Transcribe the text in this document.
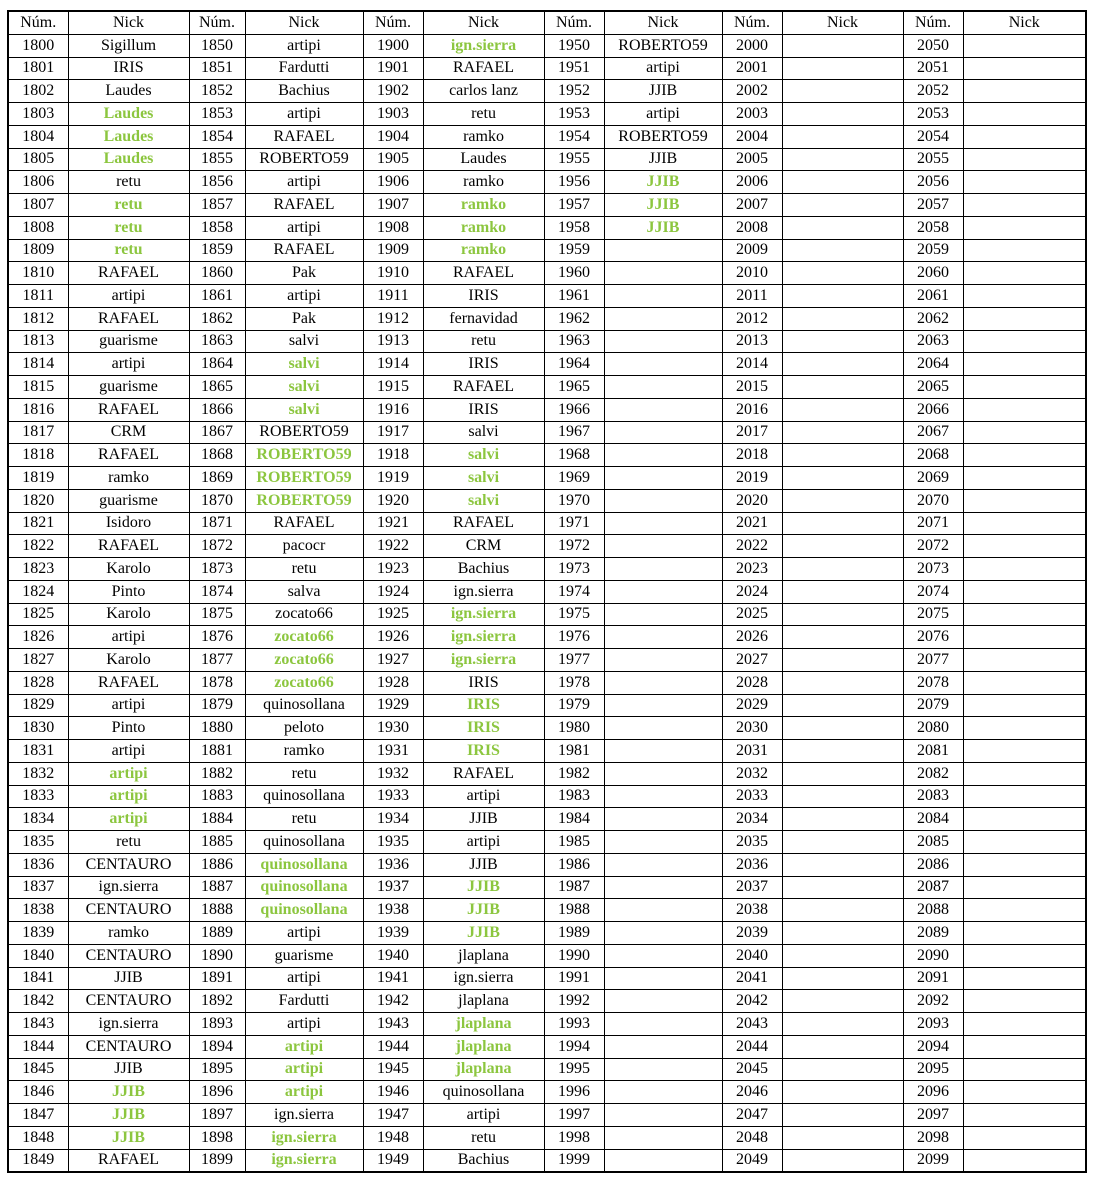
Núm.	Nick	Núm.	Nick	Núm.	Nick	Núm.	Nick	Núm.	Nick	Núm.	Nick
1800	Sigillum	1850	artipi	1900	ign.sierra	1950	ROBERTO59	2000		2050	
1801	IRIS	1851	Fardutti	1901	RAFAEL	1951	artipi	2001		2051	
1802	Laudes	1852	Bachius	1902	carlos lanz	1952	JJIB	2002		2052	
1803	Laudes	1853	artipi	1903	retu	1953	artipi	2003		2053	
1804	Laudes	1854	RAFAEL	1904	ramko	1954	ROBERTO59	2004		2054	
1805	Laudes	1855	ROBERTO59	1905	Laudes	1955	JJIB	2005		2055	
1806	retu	1856	artipi	1906	ramko	1956	JJIB	2006		2056	
1807	retu	1857	RAFAEL	1907	ramko	1957	JJIB	2007		2057	
1808	retu	1858	artipi	1908	ramko	1958	JJIB	2008		2058	
1809	retu	1859	RAFAEL	1909	ramko	1959		2009		2059	
1810	RAFAEL	1860	Pak	1910	RAFAEL	1960		2010		2060	
1811	artipi	1861	artipi	1911	IRIS	1961		2011		2061	
1812	RAFAEL	1862	Pak	1912	fernavidad	1962		2012		2062	
1813	guarisme	1863	salvi	1913	retu	1963		2013		2063	
1814	artipi	1864	salvi	1914	IRIS	1964		2014		2064	
1815	guarisme	1865	salvi	1915	RAFAEL	1965		2015		2065	
1816	RAFAEL	1866	salvi	1916	IRIS	1966		2016		2066	
1817	CRM	1867	ROBERTO59	1917	salvi	1967		2017		2067	
1818	RAFAEL	1868	ROBERTO59	1918	salvi	1968		2018		2068	
1819	ramko	1869	ROBERTO59	1919	salvi	1969		2019		2069	
1820	guarisme	1870	ROBERTO59	1920	salvi	1970		2020		2070	
1821	Isidoro	1871	RAFAEL	1921	RAFAEL	1971		2021		2071	
1822	RAFAEL	1872	pacocr	1922	CRM	1972		2022		2072	
1823	Karolo	1873	retu	1923	Bachius	1973		2023		2073	
1824	Pinto	1874	salva	1924	ign.sierra	1974		2024		2074	
1825	Karolo	1875	zocato66	1925	ign.sierra	1975		2025		2075	
1826	artipi	1876	zocato66	1926	ign.sierra	1976		2026		2076	
1827	Karolo	1877	zocato66	1927	ign.sierra	1977		2027		2077	
1828	RAFAEL	1878	zocato66	1928	IRIS	1978		2028		2078	
1829	artipi	1879	quinosollana	1929	IRIS	1979		2029		2079	
1830	Pinto	1880	peloto	1930	IRIS	1980		2030		2080	
1831	artipi	1881	ramko	1931	IRIS	1981		2031		2081	
1832	artipi	1882	retu	1932	RAFAEL	1982		2032		2082	
1833	artipi	1883	quinosollana	1933	artipi	1983		2033		2083	
1834	artipi	1884	retu	1934	JJIB	1984		2034		2084	
1835	retu	1885	quinosollana	1935	artipi	1985		2035		2085	
1836	CENTAURO	1886	quinosollana	1936	JJIB	1986		2036		2086	
1837	ign.sierra	1887	quinosollana	1937	JJIB	1987		2037		2087	
1838	CENTAURO	1888	quinosollana	1938	JJIB	1988		2038		2088	
1839	ramko	1889	artipi	1939	JJIB	1989		2039		2089	
1840	CENTAURO	1890	guarisme	1940	jlaplana	1990		2040		2090	
1841	JJIB	1891	artipi	1941	ign.sierra	1991		2041		2091	
1842	CENTAURO	1892	Fardutti	1942	jlaplana	1992		2042		2092	
1843	ign.sierra	1893	artipi	1943	jlaplana	1993		2043		2093	
1844	CENTAURO	1894	artipi	1944	jlaplana	1994		2044		2094	
1845	JJIB	1895	artipi	1945	jlaplana	1995		2045		2095	
1846	JJIB	1896	artipi	1946	quinosollana	1996		2046		2096	
1847	JJIB	1897	ign.sierra	1947	artipi	1997		2047		2097	
1848	JJIB	1898	ign.sierra	1948	retu	1998		2048		2098	
1849	RAFAEL	1899	ign.sierra	1949	Bachius	1999		2049		2099	
